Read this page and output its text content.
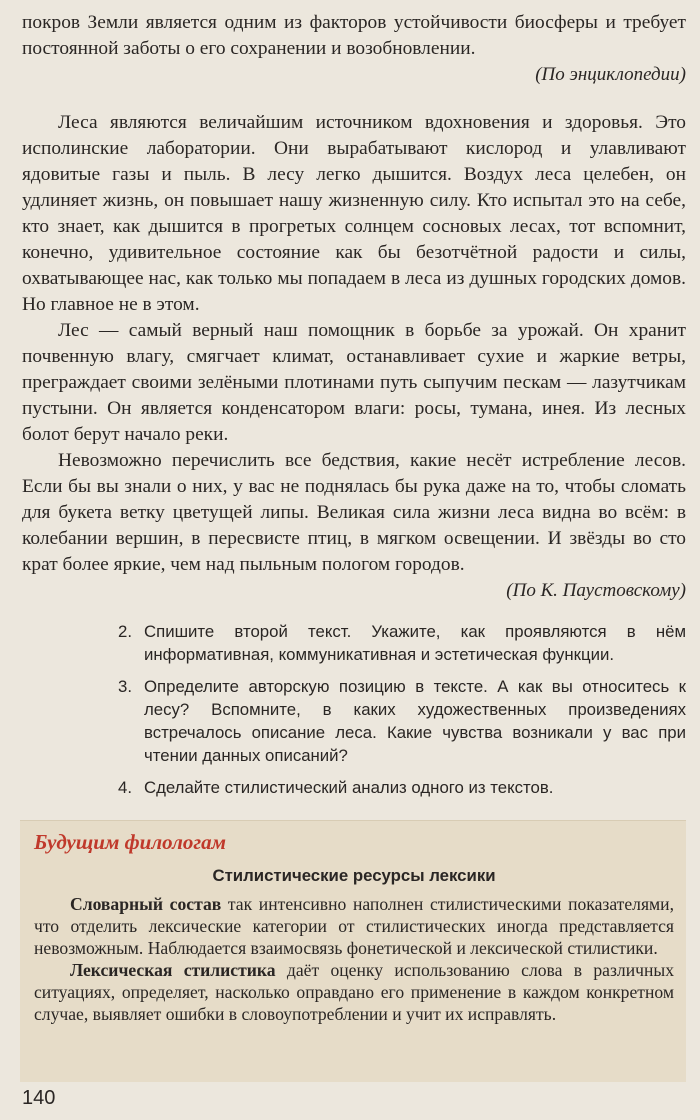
покров Земли является одним из факторов устойчивости биосферы и требует постоянной заботы о его сохранении и возобновлении.

(По энциклопедии)

Леса являются величайшим источником вдохновения и здоровья. Это исполинские лаборатории. Они вырабатывают кислород и улавливают ядовитые газы и пыль. В лесу легко дышится. Воздух леса целебен, он удлиняет жизнь, он повышает нашу жизненную силу. Кто испытал это на себе, кто знает, как дышится в прогретых солнцем сосновых лесах, тот вспомнит, конечно, удивительное состояние как бы безотчётной радости и силы, охватывающее нас, как только мы попадаем в леса из душных городских домов. Но главное не в этом.

Лес — самый верный наш помощник в борьбе за урожай. Он хранит почвенную влагу, смягчает климат, останавливает сухие и жаркие ветры, преграждает своими зелёными плотинами путь сыпучим пескам — лазутчикам пустыни. Он является конденсатором влаги: росы, тумана, инея. Из лесных болот берут начало реки.

Невозможно перечислить все бедствия, какие несёт истребление лесов. Если бы вы знали о них, у вас не поднялась бы рука даже на то, чтобы сломать для букета ветку цветущей липы. Великая сила жизни леса видна во всём: в колебании вершин, в пересвисте птиц, в мягком освещении. И звёзды во сто крат более яркие, чем над пыльным пологом городов.

(По К. Паустовскому)

2. Спишите второй текст. Укажите, как проявляются в нём информативная, коммуникативная и эстетическая функции.
3. Определите авторскую позицию в тексте. А как вы относитесь к лесу? Вспомните, в каких художественных произведениях встречалось описание леса. Какие чувства возникали у вас при чтении данных описаний?
4. Сделайте стилистический анализ одного из текстов.

Будущим филологам

Стилистические ресурсы лексики

Словарный состав так интенсивно наполнен стилистическими показателями, что отделить лексические категории от стилистических иногда представляется невозможным. Наблюдается взаимосвязь фонетической и лексической стилистики.

Лексическая стилистика даёт оценку использованию слова в различных ситуациях, определяет, насколько оправдано его применение в каждом конкретном случае, выявляет ошибки в словоупотреблении и учит их исправлять.

140
